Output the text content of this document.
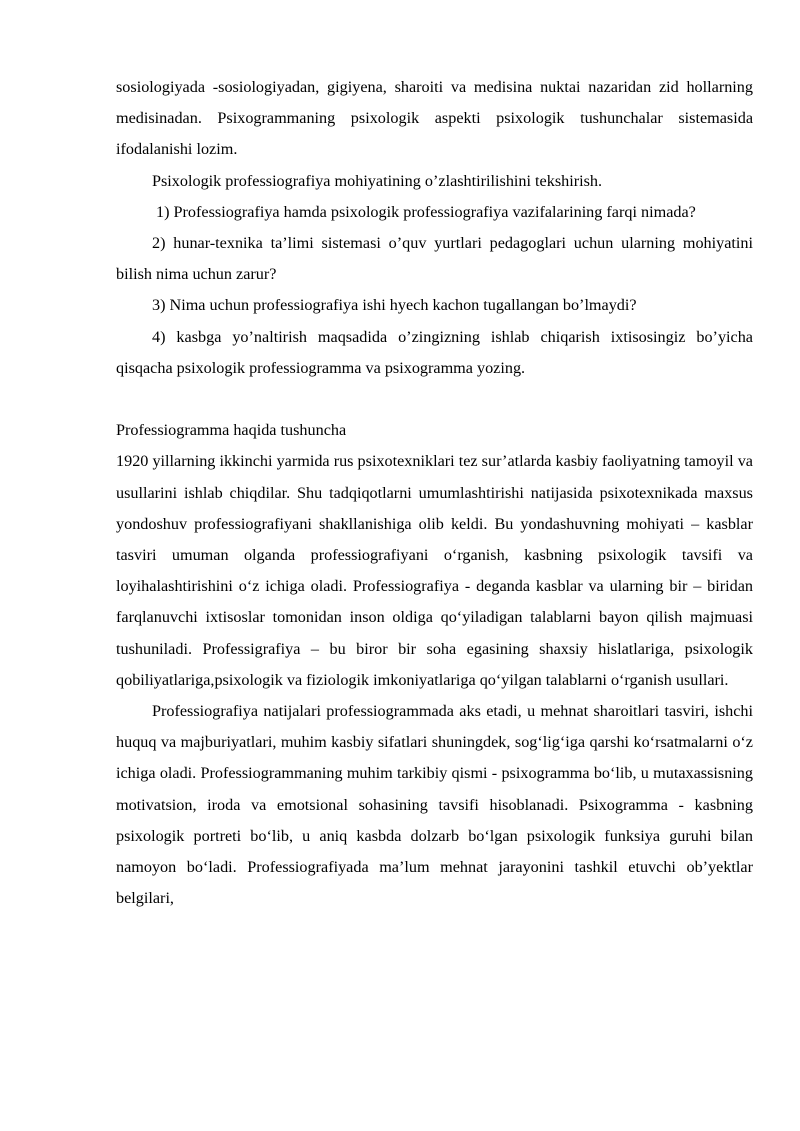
sosiologiyada -sosiologiyadan, gigiyena, sharoiti va medisina nuktai nazaridan zid hollarning medisinadan. Psixogrammaning psixologik aspekti psixologik tushunchalar sistemasida ifodalanishi lozim.

Psixologik professiografiya mohiyatining o’zlashtirilishini tekshirish.

1) Professiografiya hamda psixologik professiografiya vazifalarining farqi nimada?

2) hunar-texnika ta’limi sistemasi o’quv yurtlari pedagoglari uchun ularning mohiyatini bilish nima uchun zarur?

3) Nima uchun professiografiya ishi hyech kachon tugallangan bo’lmaydi?

4) kasbga yo’naltirish maqsadida o’zingizning ishlab chiqarish ixtisosingiz bo’yicha qisqacha psixologik professiogramma va psixogramma yozing.

Professiogramma haqida tushuncha

1920 yillarning ikkinchi yarmida rus psixotexniklari tez sur’atlarda kasbiy faoliyatning tamoyil va usullarini ishlab chiqdilar. Shu tadqiqotlarni umumlashtirishi natijasida psixotexnikada maxsus yondoshuv professiografiyani shakllanishiga olib keldi. Bu yondashuvning mohiyati – kasblar tasviri umuman olganda professiografiyani o‘rganish, kasbning psixologik tavsifi va loyihalashtirishini o‘z ichiga oladi. Professiografiya - deganda kasblar va ularning bir – biridan farqlanuvchi ixtisoslar tomonidan inson oldiga qo‘yiladigan talablarni bayon qilish majmuasi tushuniladi. Professigrafiya – bu biror bir soha egasining shaxsiy hislatlariga, psixologik qobiliyatlariga,psixologik va fiziologik imkoniyatlariga qo‘yilgan talablarni o‘rganish usullari.

Professiografiya natijalari professiogrammada aks etadi, u mehnat sharoitlari tasviri, ishchi huquq va majburiyatlari, muhim kasbiy sifatlari shuningdek, sog‘lig‘iga qarshi ko‘rsatmalarni o‘z ichiga oladi. Professiogrammaning muhim tarkibiy qismi - psixogramma bo‘lib, u mutaxassisning motivatsion, iroda va emotsional sohasining tavsifi hisoblanadi. Psixogramma - kasbning psixologik portreti bo‘lib, u aniq kasbda dolzarb bo‘lgan psixologik funksiya guruhi bilan namoyon bo‘ladi. Professiografiyada ma’lum mehnat jarayonini tashkil etuvchi ob’yektlar belgilari,
